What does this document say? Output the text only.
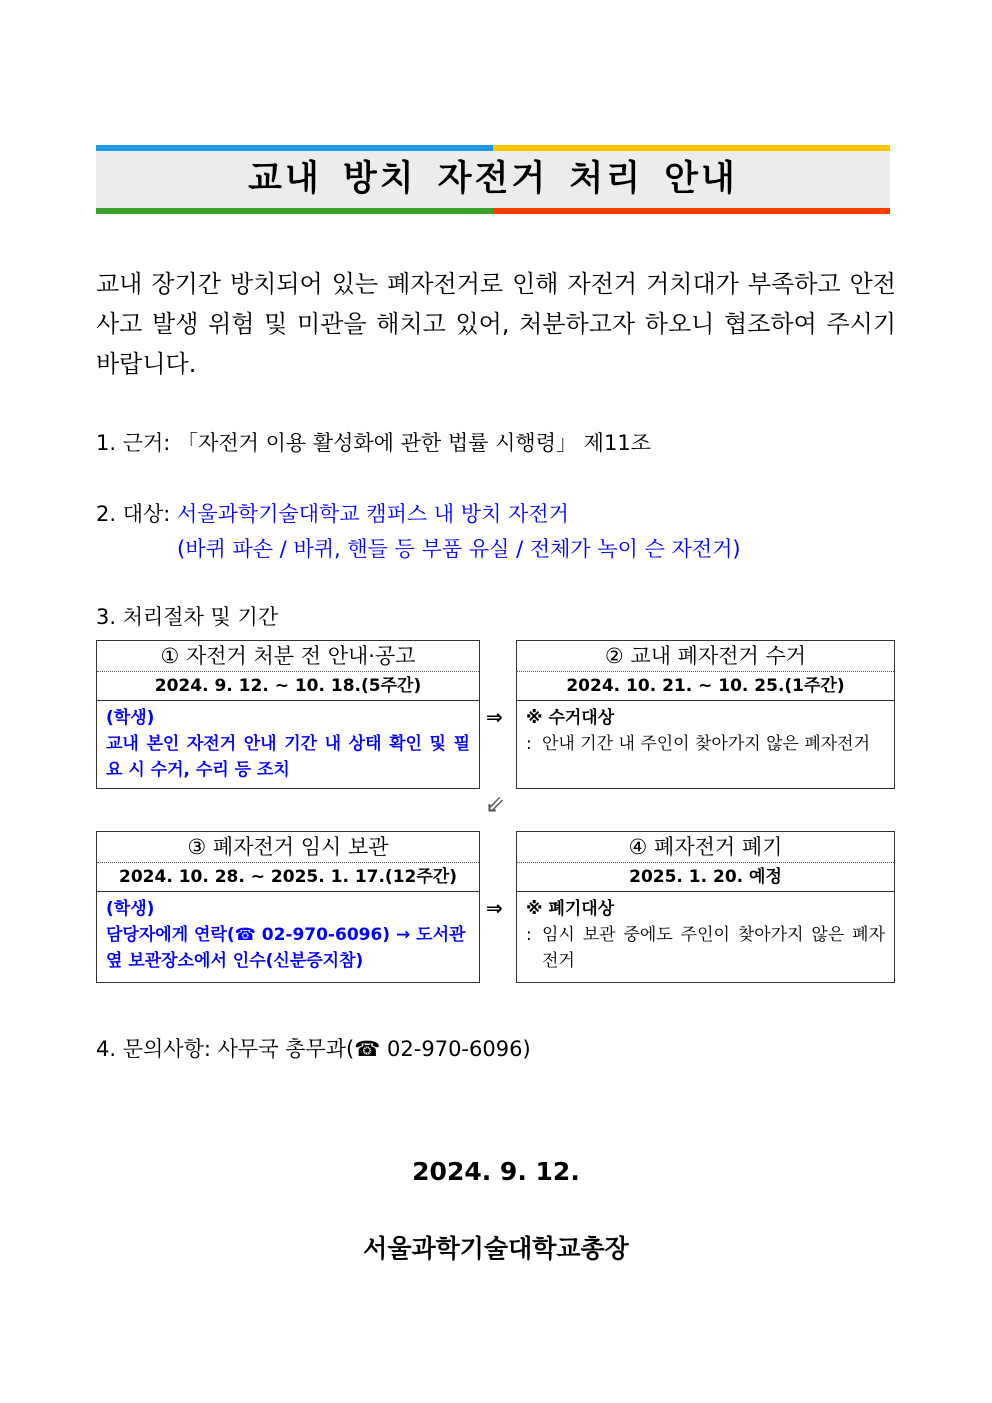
교내 방치 자전거 처리 안내
교내 장기간 방치되어 있는 폐자전거로 인해 자전거 거치대가 부족하고 안전사고 발생 위험 및 미관을 해치고 있어, 처분하고자 하오니 협조하여 주시기 바랍니다.
1. 근거: 「자전거 이용 활성화에 관한 법률 시행령」 제11조
2. 대상: 서울과학기술대학교 캠퍼스 내 방치 자전거
(바퀴 파손 / 바퀴, 핸들 등 부품 유실 / 전체가 녹이 슨 자전거)
3. 처리절차 및 기간
① 자전거 처분 전 안내·공고
2024. 9. 12. ~ 10. 18.(5주간)
(학생)
교내 본인 자전거 안내 기간 내 상태 확인 및 필요 시 수거, 수리 등 조치
⇒
② 교내 폐자전거 수거
2024. 10. 21. ~ 10. 25.(1주간)
※ 수거대상
: 안내 기간 내 주인이 찾아가지 않은 폐자전거
⇙
③ 폐자전거 임시 보관
2024. 10. 28. ~ 2025. 1. 17.(12주간)
(학생)
담당자에게 연락(☎ 02-970-6096) → 도서관 옆 보관장소에서 인수(신분증지참)
⇒
④ 폐자전거 폐기
2025. 1. 20. 예정
※ 폐기대상
: 임시 보관 중에도 주인이 찾아가지 않은 폐자전거
4. 문의사항: 사무국 총무과(☎ 02-970-6096)
2024. 9. 12.
서울과학기술대학교총장
